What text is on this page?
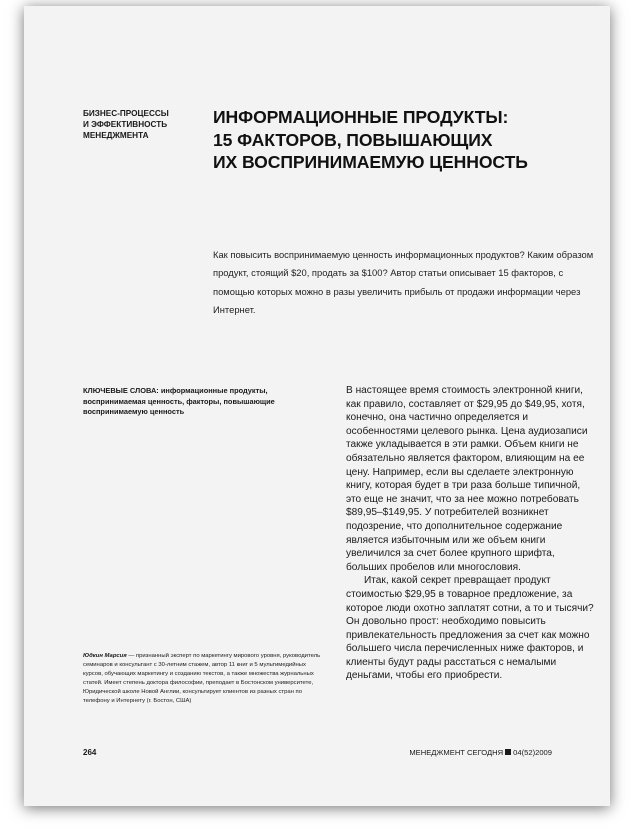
БИЗНЕС-ПРОЦЕССЫ
И ЭФФЕКТИВНОСТЬ
МЕНЕДЖМЕНТА
ИНФОРМАЦИОННЫЕ ПРОДУКТЫ:
15 ФАКТОРОВ, ПОВЫШАЮЩИХ
ИХ ВОСПРИНИМАЕМУЮ ЦЕННОСТЬ
Как повысить воспринимаемую ценность информационных продуктов? Каким образом продукт, стоящий $20, продать за $100? Автор статьи описывает 15 факторов, с помощью которых можно в разы увеличить прибыль от продажи информации через Интернет.
КЛЮЧЕВЫЕ СЛОВА: информационные продукты, воспринимаемая ценность, факторы, повышающие воспринимаемую ценность

В настоящее время стоимость электронной книги, как правило, составляет от $29,95 до $49,95, хотя, конечно, она частично определяется и особенностями целевого рынка. Цена аудиозаписи также укладывается в эти рамки. Объем книги не обязательно является фактором, влияющим на ее цену. Например, если вы сделаете электронную книгу, которая будет в три раза больше типичной, это еще не значит, что за нее можно потребовать $89,95–$149,95. У потребителей возникнет подозрение, что дополнительное содержание является избыточным или же объем книги увеличился за счет более крупного шрифта, больших пробелов или многословия.

Итак, какой секрет превращает продукт стоимостью $29,95 в товарное предложение, за которое люди охотно заплатят сотни, а то и тысячи? Он довольно прост: необходимо повысить привлекательность предложения за счет как можно большего числа перечисленных ниже факторов, и клиенты будут рады расстаться с немалыми деньгами, чтобы его приобрести.

Юдкин Марсия — признанный эксперт по маркетингу мирового уровня, руководитель семинаров и консультант с 30-летним стажем, автор 11 книг и 5 мультимедийных курсов, обучающих маркетингу и созданию текстов, а также множества журнальных статей. Имеет степень доктора философии, преподает в Бостонском университете, Юридической школе Новой Англии, консультирует клиентов из разных стран по телефону и Интернету (г. Бостон, США)
264	МЕНЕДЖМЕНТ СЕГОДНЯ 04(52)2009
